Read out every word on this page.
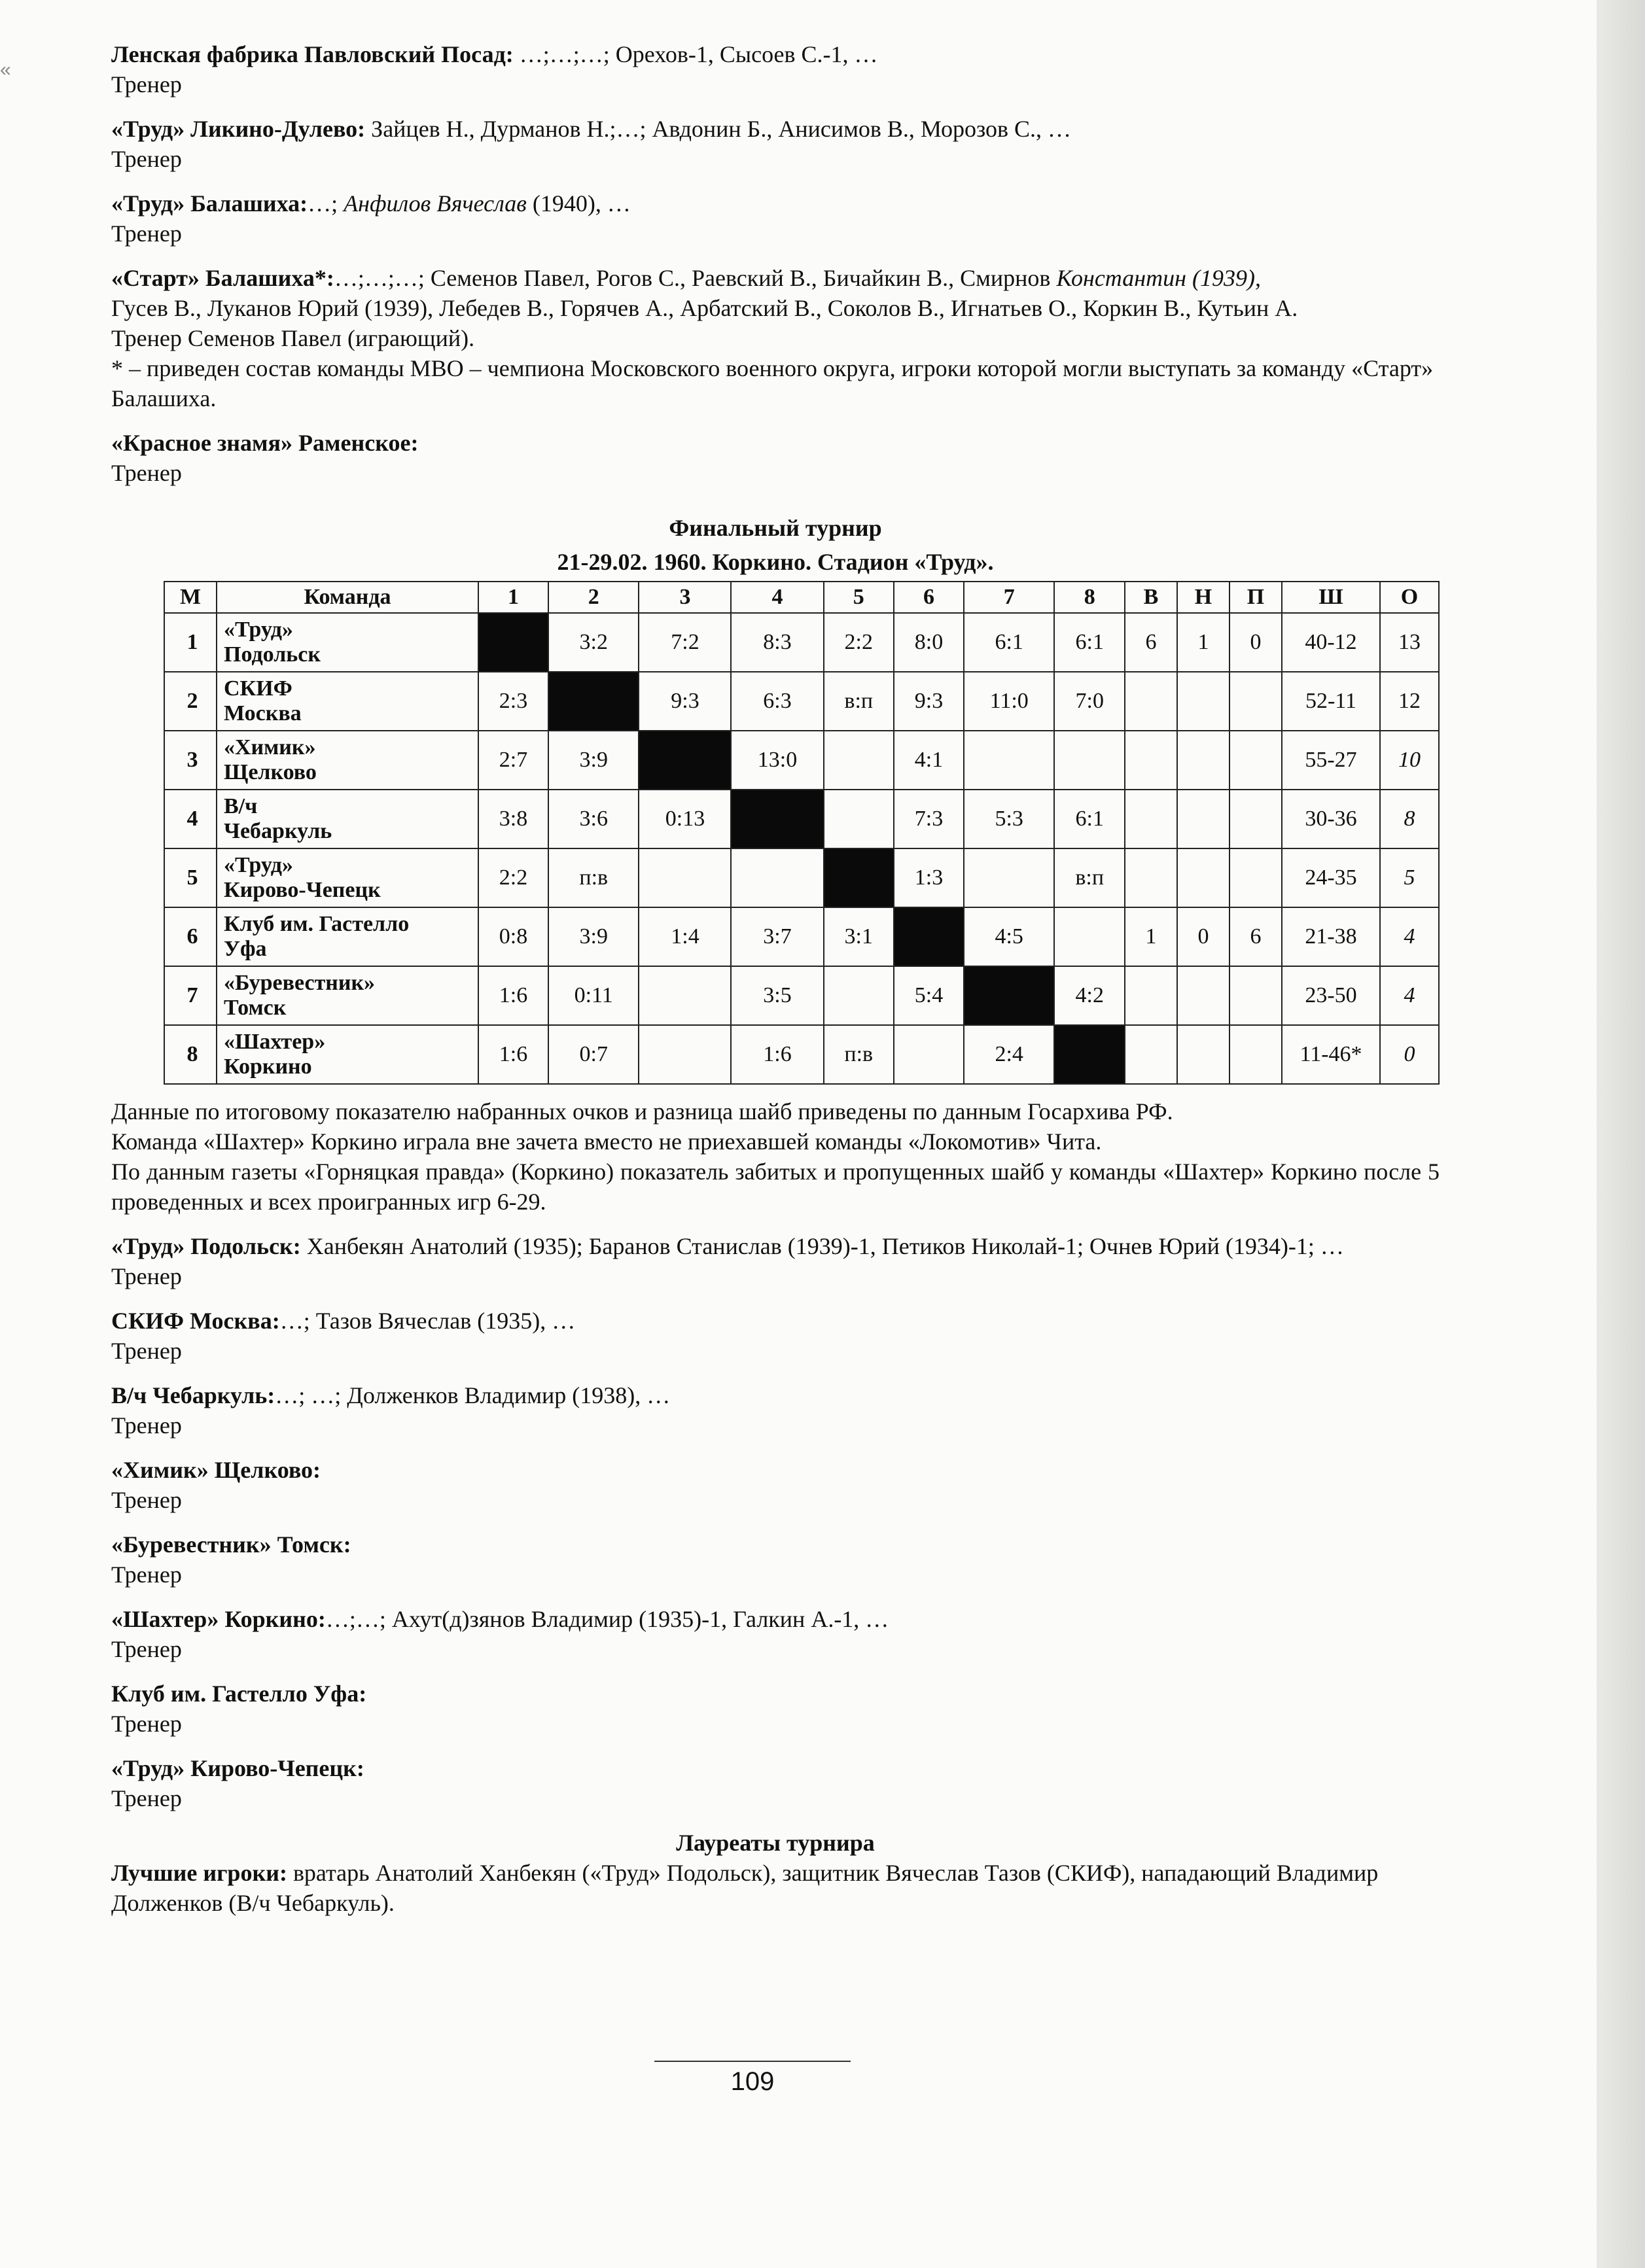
«

Ленская фабрика Павловский Посад: …;…;…; Орехов-1, Сысоев С.-1, …

Тренер

«Труд» Ликино-Дулево: Зайцев Н., Дурманов Н.;…; Авдонин Б., Анисимов В., Морозов С., …

Тренер

«Труд» Балашиха:…; Анфилов Вячеслав (1940), …

Тренер

«Старт» Балашиха*:…;…;…; Семенов Павел, Рогов С., Раевский В., Бичайкин В., Смирнов Константин (1939),

Гусев В., Луканов Юрий (1939), Лебедев В., Горячев А., Арбатский В., Соколов В., Игнатьев О., Коркин В., Кутьин А.

Тренер Семенов Павел (играющий).

* – приведен состав команды МВО – чемпиона Московского военного округа, игроки которой могли выступать за команду «Старт» Балашиха.

«Красное знамя» Раменское:

Тренер

Финальный турнир

21-29.02. 1960. Коркино. Стадион «Труд».

М	Команда	1	2	3	4	5	6	7	8	В	Н	П	Ш	О
1	«Труд»
Подольск		3:2	7:2	8:3	2:2	8:0	6:1	6:1	6	1	0	40-12	13
2	СКИФ
Москва	2:3		9:3	6:3	в:п	9:3	11:0	7:0				52-11	12
3	«Химик»
Щелково	2:7	3:9		13:0		4:1						55-27	10
4	В/ч
Чебаркуль	3:8	3:6	0:13			7:3	5:3	6:1				30-36	8
5	«Труд»
Кирово-Чепецк	2:2	п:в				1:3		в:п				24-35	5
6	Клуб им. Гастелло
Уфа	0:8	3:9	1:4	3:7	3:1		4:5		1	0	6	21-38	4
7	«Буревестник»
Томск	1:6	0:11		3:5		5:4		4:2				23-50	4
8	«Шахтер»
Коркино	1:6	0:7		1:6	п:в		2:4					11-46*	0

Данные по итоговому показателю набранных очков и разница шайб приведены по данным Госархива РФ.

Команда «Шахтер» Коркино играла вне зачета вместо не приехавшей команды «Локомотив» Чита.

По данным газеты «Горняцкая правда» (Коркино) показатель забитых и пропущенных шайб у команды «Шахтер» Коркино после 5 проведенных и всех проигранных игр 6-29.

«Труд» Подольск: Ханбекян Анатолий (1935); Баранов Станислав (1939)-1, Петиков Николай-1; Очнев Юрий (1934)-1; …

Тренер

СКИФ Москва:…; Тазов Вячеслав (1935), …

Тренер

В/ч Чебаркуль:…; …; Долженков Владимир (1938), …

Тренер

«Химик» Щелково:

Тренер

«Буревестник» Томск:

Тренер

«Шахтер» Коркино:…;…; Ахут(д)зянов Владимир (1935)-1, Галкин А.-1, …

Тренер

Клуб им. Гастелло Уфа:

Тренер

«Труд» Кирово-Чепецк:

Тренер

Лауреаты турнира

Лучшие игроки: вратарь Анатолий Ханбекян («Труд» Подольск), защитник Вячеслав Тазов (СКИФ), нападающий Владимир Долженков (В/ч Чебаркуль).

109
